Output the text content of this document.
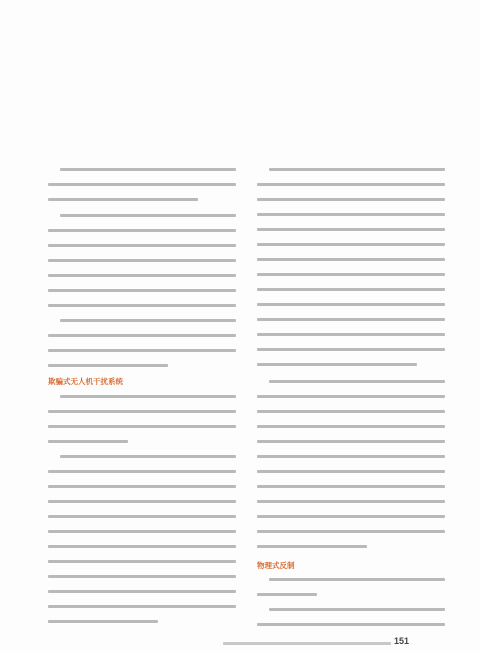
欺骗式无人机干扰系统
物理式反制
151
